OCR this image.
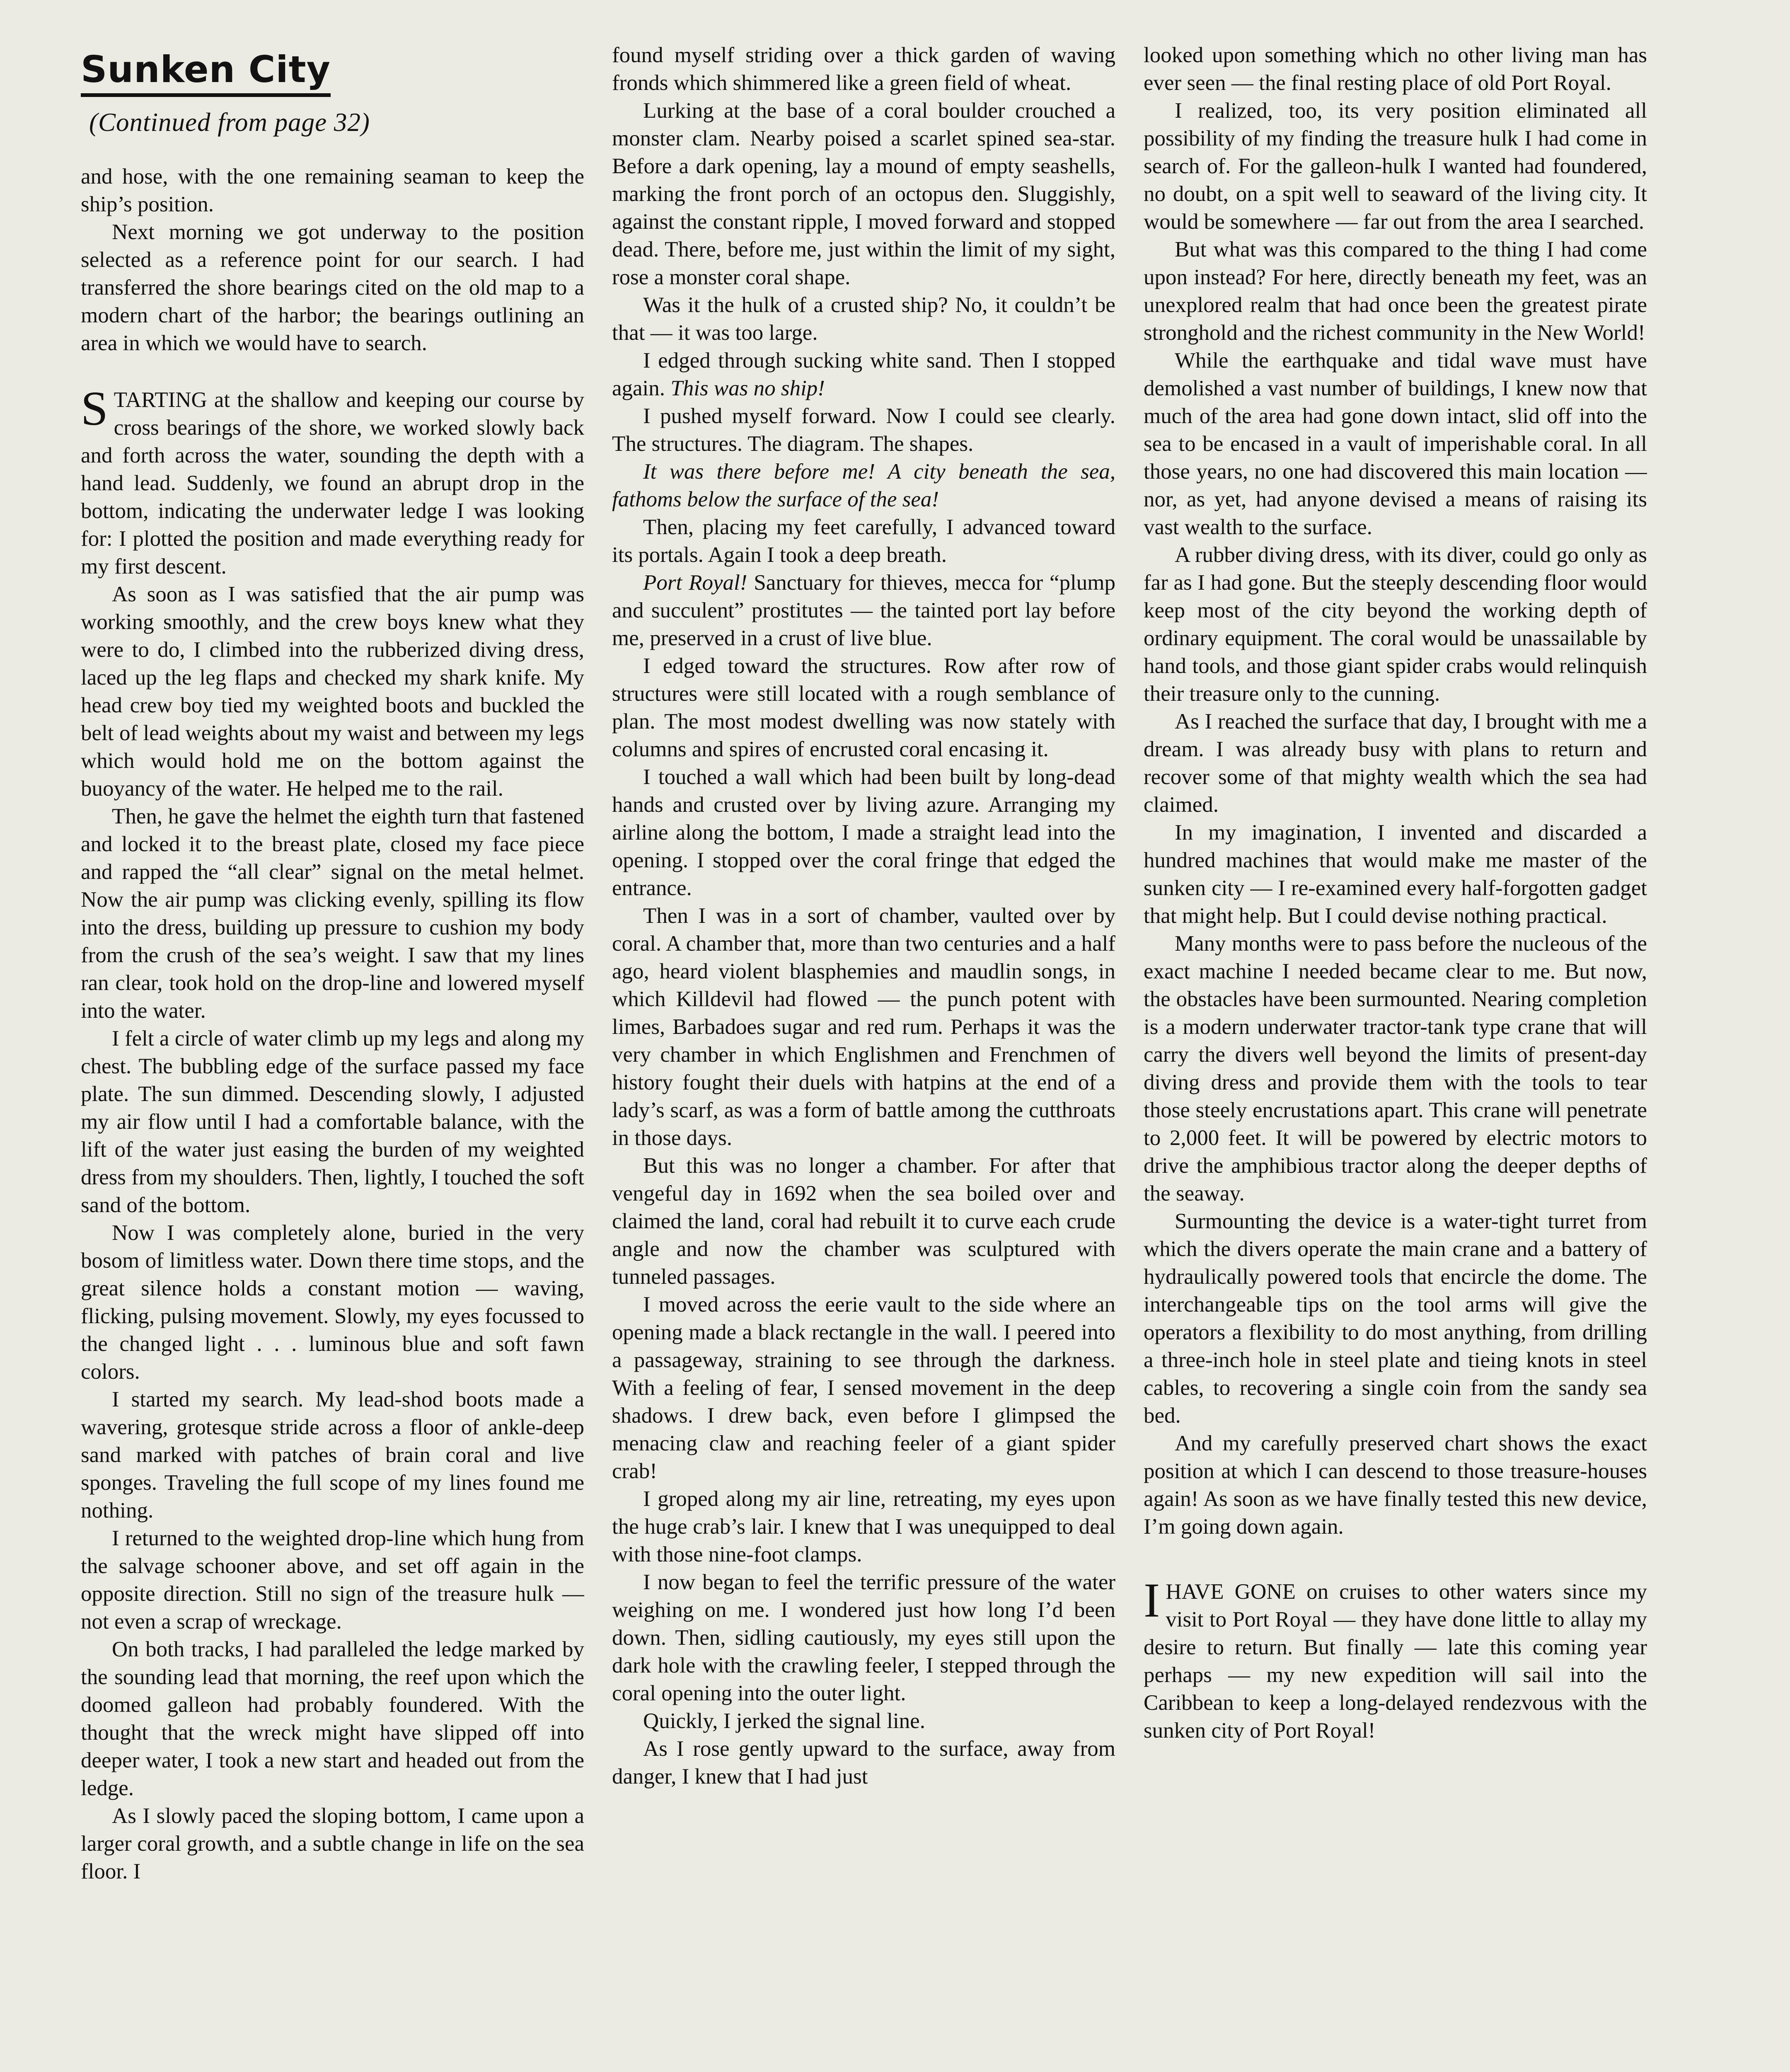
Sunken City
(Continued from page 32)

and hose, with the one remaining seaman to keep the ship’s position.

Next morning we got underway to the position selected as a reference point for our search. I had transferred the shore bearings cited on the old map to a modern chart of the harbor; the bearings outlining an area in which we would have to search.

STARTING at the shallow and keeping our course by cross bearings of the shore, we worked slowly back and forth across the water, sounding the depth with a hand lead. Suddenly, we found an abrupt drop in the bottom, indicating the underwater ledge I was looking for: I plotted the position and made everything ready for my first descent.

As soon as I was satisfied that the air pump was working smoothly, and the crew boys knew what they were to do, I climbed into the rubberized diving dress, laced up the leg flaps and checked my shark knife. My head crew boy tied my weighted boots and buckled the belt of lead weights about my waist and between my legs which would hold me on the bottom against the buoyancy of the water. He helped me to the rail.

Then, he gave the helmet the eighth turn that fastened and locked it to the breast plate, closed my face piece and rapped the “all clear” signal on the metal helmet. Now the air pump was clicking evenly, spilling its flow into the dress, building up pressure to cushion my body from the crush of the sea’s weight. I saw that my lines ran clear, took hold on the drop-line and lowered myself into the water.

I felt a circle of water climb up my legs and along my chest. The bubbling edge of the surface passed my face plate. The sun dimmed. Descending slowly, I adjusted my air flow until I had a comfortable balance, with the lift of the water just easing the burden of my weighted dress from my shoulders. Then, lightly, I touched the soft sand of the bottom.

Now I was completely alone, buried in the very bosom of limitless water. Down there time stops, and the great silence holds a constant motion — waving, flicking, pulsing movement. Slowly, my eyes focussed to the changed light . . . luminous blue and soft fawn colors.

I started my search. My lead-shod boots made a wavering, grotesque stride across a floor of ankle-deep sand marked with patches of brain coral and live sponges. Traveling the full scope of my lines found me nothing.

I returned to the weighted drop-line which hung from the salvage schooner above, and set off again in the opposite direction. Still no sign of the treasure hulk — not even a scrap of wreckage.

On both tracks, I had paralleled the ledge marked by the sounding lead that morning, the reef upon which the doomed galleon had probably foundered. With the thought that the wreck might have slipped off into deeper water, I took a new start and headed out from the ledge.

As I slowly paced the sloping bottom, I came upon a larger coral growth, and a subtle change in life on the sea floor. I

found myself striding over a thick garden of waving fronds which shimmered like a green field of wheat.

Lurking at the base of a coral boulder crouched a monster clam. Nearby poised a scarlet spined sea-star. Before a dark opening, lay a mound of empty seashells, marking the front porch of an octopus den. Sluggishly, against the constant ripple, I moved forward and stopped dead. There, before me, just within the limit of my sight, rose a monster coral shape.

Was it the hulk of a crusted ship? No, it couldn’t be that — it was too large.

I edged through sucking white sand. Then I stopped again. This was no ship!

I pushed myself forward. Now I could see clearly. The structures. The diagram. The shapes.

It was there before me! A city beneath the sea, fathoms below the surface of the sea!

Then, placing my feet carefully, I advanced toward its portals. Again I took a deep breath.

Port Royal! Sanctuary for thieves, mecca for “plump and succulent” prostitutes — the tainted port lay before me, preserved in a crust of live blue.

I edged toward the structures. Row after row of structures were still located with a rough semblance of plan. The most modest dwelling was now stately with columns and spires of encrusted coral encasing it.

I touched a wall which had been built by long-dead hands and crusted over by living azure. Arranging my airline along the bottom, I made a straight lead into the opening. I stopped over the coral fringe that edged the entrance.

Then I was in a sort of chamber, vaulted over by coral. A chamber that, more than two centuries and a half ago, heard violent blasphemies and maudlin songs, in which Killdevil had flowed — the punch potent with limes, Barbadoes sugar and red rum. Perhaps it was the very chamber in which Englishmen and Frenchmen of history fought their duels with hatpins at the end of a lady’s scarf, as was a form of battle among the cutthroats in those days.

But this was no longer a chamber. For after that vengeful day in 1692 when the sea boiled over and claimed the land, coral had rebuilt it to curve each crude angle and now the chamber was sculptured with tunneled passages.

I moved across the eerie vault to the side where an opening made a black rectangle in the wall. I peered into a passageway, straining to see through the darkness. With a feeling of fear, I sensed movement in the deep shadows. I drew back, even before I glimpsed the menacing claw and reaching feeler of a giant spider crab!

I groped along my air line, retreating, my eyes upon the huge crab’s lair. I knew that I was unequipped to deal with those nine-foot clamps.

I now began to feel the terrific pressure of the water weighing on me. I wondered just how long I’d been down. Then, sidling cautiously, my eyes still upon the dark hole with the crawling feeler, I stepped through the coral opening into the outer light.

Quickly, I jerked the signal line.

As I rose gently upward to the surface, away from danger, I knew that I had just

looked upon something which no other living man has ever seen — the final resting place of old Port Royal.

I realized, too, its very position eliminated all possibility of my finding the treasure hulk I had come in search of. For the galleon-hulk I wanted had foundered, no doubt, on a spit well to seaward of the living city. It would be somewhere — far out from the area I searched.

But what was this compared to the thing I had come upon instead? For here, directly beneath my feet, was an unexplored realm that had once been the greatest pirate stronghold and the richest community in the New World!

While the earthquake and tidal wave must have demolished a vast number of buildings, I knew now that much of the area had gone down intact, slid off into the sea to be encased in a vault of imperishable coral. In all those years, no one had discovered this main location — nor, as yet, had anyone devised a means of raising its vast wealth to the surface.

A rubber diving dress, with its diver, could go only as far as I had gone. But the steeply descending floor would keep most of the city beyond the working depth of ordinary equipment. The coral would be unassailable by hand tools, and those giant spider crabs would relinquish their treasure only to the cunning.

As I reached the surface that day, I brought with me a dream. I was already busy with plans to return and recover some of that mighty wealth which the sea had claimed.

In my imagination, I invented and discarded a hundred machines that would make me master of the sunken city — I re-examined every half-forgotten gadget that might help. But I could devise nothing practical.

Many months were to pass before the nucleous of the exact machine I needed became clear to me. But now, the obstacles have been surmounted. Nearing completion is a modern underwater tractor-tank type crane that will carry the divers well beyond the limits of present-day diving dress and provide them with the tools to tear those steely encrustations apart. This crane will penetrate to 2,000 feet. It will be powered by electric motors to drive the amphibious tractor along the deeper depths of the seaway.

Surmounting the device is a water-tight turret from which the divers operate the main crane and a battery of hydraulically powered tools that encircle the dome. The interchangeable tips on the tool arms will give the operators a flexibility to do most anything, from drilling a three-inch hole in steel plate and tieing knots in steel cables, to recovering a single coin from the sandy sea bed.

And my carefully preserved chart shows the exact position at which I can descend to those treasure-houses again! As soon as we have finally tested this new device, I’m going down again.

IHAVE GONE on cruises to other waters since my visit to Port Royal — they have done little to allay my desire to return. But finally — late this coming year perhaps — my new expedition will sail into the Caribbean to keep a long-delayed rendezvous with the sunken city of Port Royal!
